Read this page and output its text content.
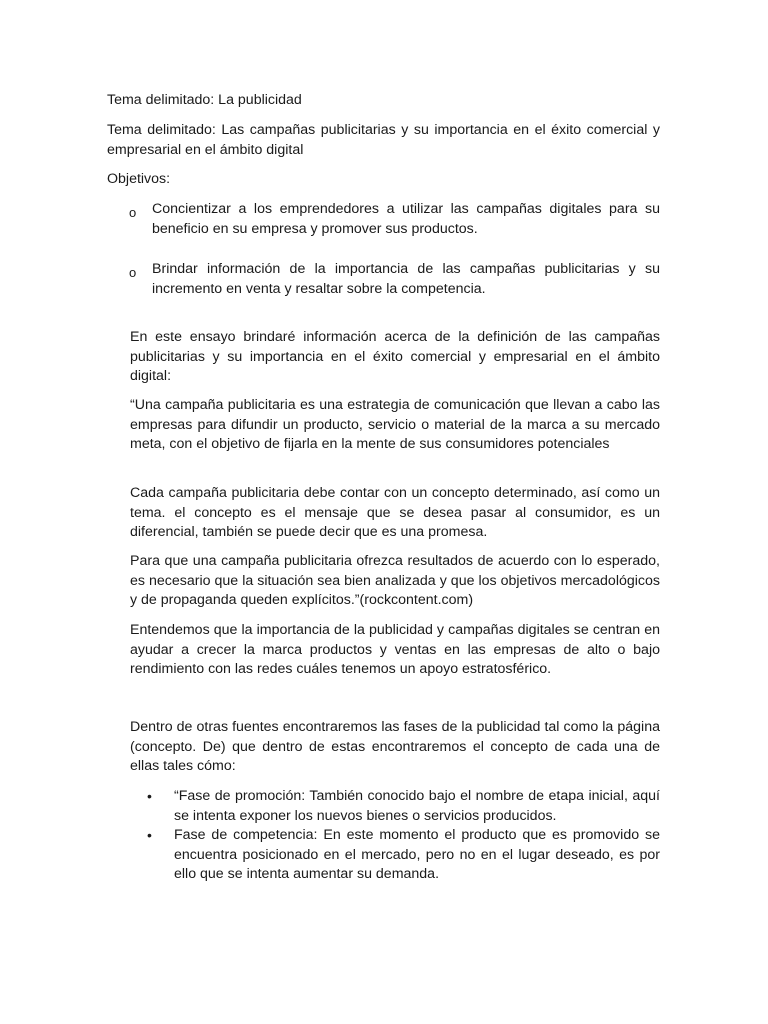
Tema delimitado: La publicidad

Tema delimitado: Las campañas publicitarias y su importancia en el éxito comercial y empresarial en el ámbito digital

Objetivos:

o Concientizar a los emprendedores a utilizar las campañas digitales para su beneficio en su empresa y promover sus productos.

o Brindar información de la importancia de las campañas publicitarias y su incremento en venta y resaltar sobre la competencia.

En este ensayo brindaré información acerca de la definición de las campañas publicitarias y su importancia en el éxito comercial y empresarial en el ámbito digital:

“Una campaña publicitaria es una estrategia de comunicación que llevan a cabo las empresas para difundir un producto, servicio o material de la marca a su mercado meta, con el objetivo de fijarla en la mente de sus consumidores potenciales

Cada campaña publicitaria debe contar con un concepto determinado, así como un tema. el concepto es el mensaje que se desea pasar al consumidor, es un diferencial, también se puede decir que es una promesa.

Para que una campaña publicitaria ofrezca resultados de acuerdo con lo esperado, es necesario que la situación sea bien analizada y que los objetivos mercadológicos y de propaganda queden explícitos.”(rockcontent.com)

Entendemos que la importancia de la publicidad y campañas digitales se centran en ayudar a crecer la marca productos y ventas en las empresas de alto o bajo rendimiento con las redes cuáles tenemos un apoyo estratosférico.

Dentro de otras fuentes encontraremos las fases de la publicidad tal como la página (concepto. De) que dentro de estas encontraremos el concepto de cada una de ellas tales cómo:

• “Fase de promoción: También conocido bajo el nombre de etapa inicial, aquí se intenta exponer los nuevos bienes o servicios producidos.

• Fase de competencia: En este momento el producto que es promovido se encuentra posicionado en el mercado, pero no en el lugar deseado, es por ello que se intenta aumentar su demanda.
